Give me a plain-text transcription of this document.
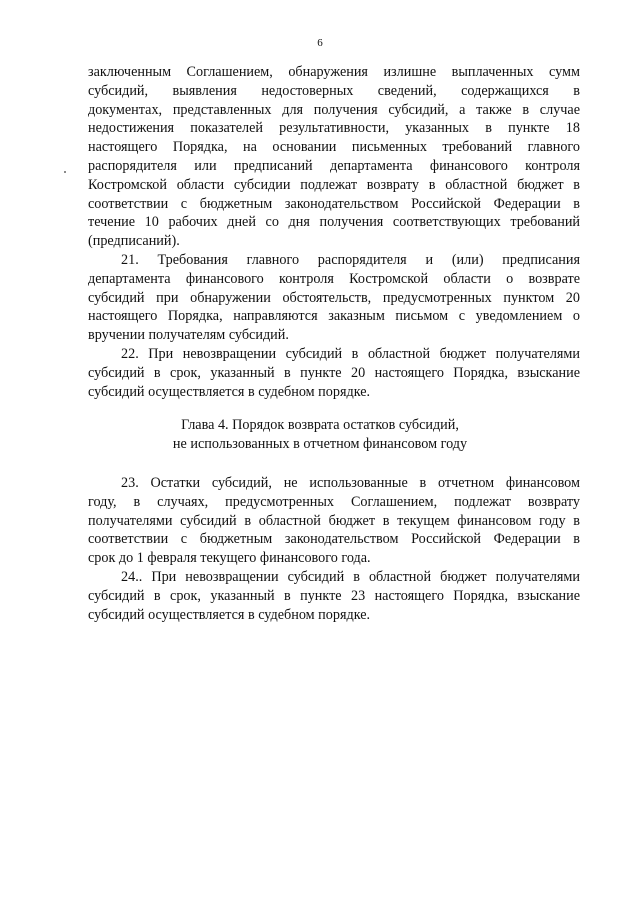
6
заключенным Соглашением, обнаружения излишне выплаченных сумм
субсидий, выявления недостоверных сведений, содержащихся в
документах, представленных для получения субсидий, а также в случае
недостижения показателей результативности, указанных в пункте 18
настоящего Порядка, на основании письменных требований главного
распорядителя или предписаний департамента финансового контроля
Костромской области субсидии подлежат возврату в областной бюджет в
соответствии с бюджетным законодательством Российской Федерации в
течение 10 рабочих дней со дня получения соответствующих требований
(предписаний).
21. Требования главного распорядителя и (или) предписания
департамента финансового контроля Костромской области о возврате
субсидий при обнаружении обстоятельств, предусмотренных пунктом 20
настоящего Порядка, направляются заказным письмом с уведомлением о
вручении получателям субсидий.
22. При невозвращении субсидий в областной бюджет получателями
субсидий в срок, указанный в пункте 20 настоящего Порядка, взыскание
субсидий осуществляется в судебном порядке.
Глава 4. Порядок возврата остатков субсидий,
не использованных в отчетном финансовом году
23. Остатки субсидий, не использованные в отчетном финансовом
году, в случаях, предусмотренных Соглашением, подлежат возврату
получателями субсидий в областной бюджет в текущем финансовом году в
соответствии с бюджетным законодательством Российской Федерации в
срок до 1 февраля текущего финансового года.
24.. При невозвращении субсидий в областной бюджет получателями
субсидий в срок, указанный в пункте 23 настоящего Порядка, взыскание
субсидий осуществляется в судебном порядке.
